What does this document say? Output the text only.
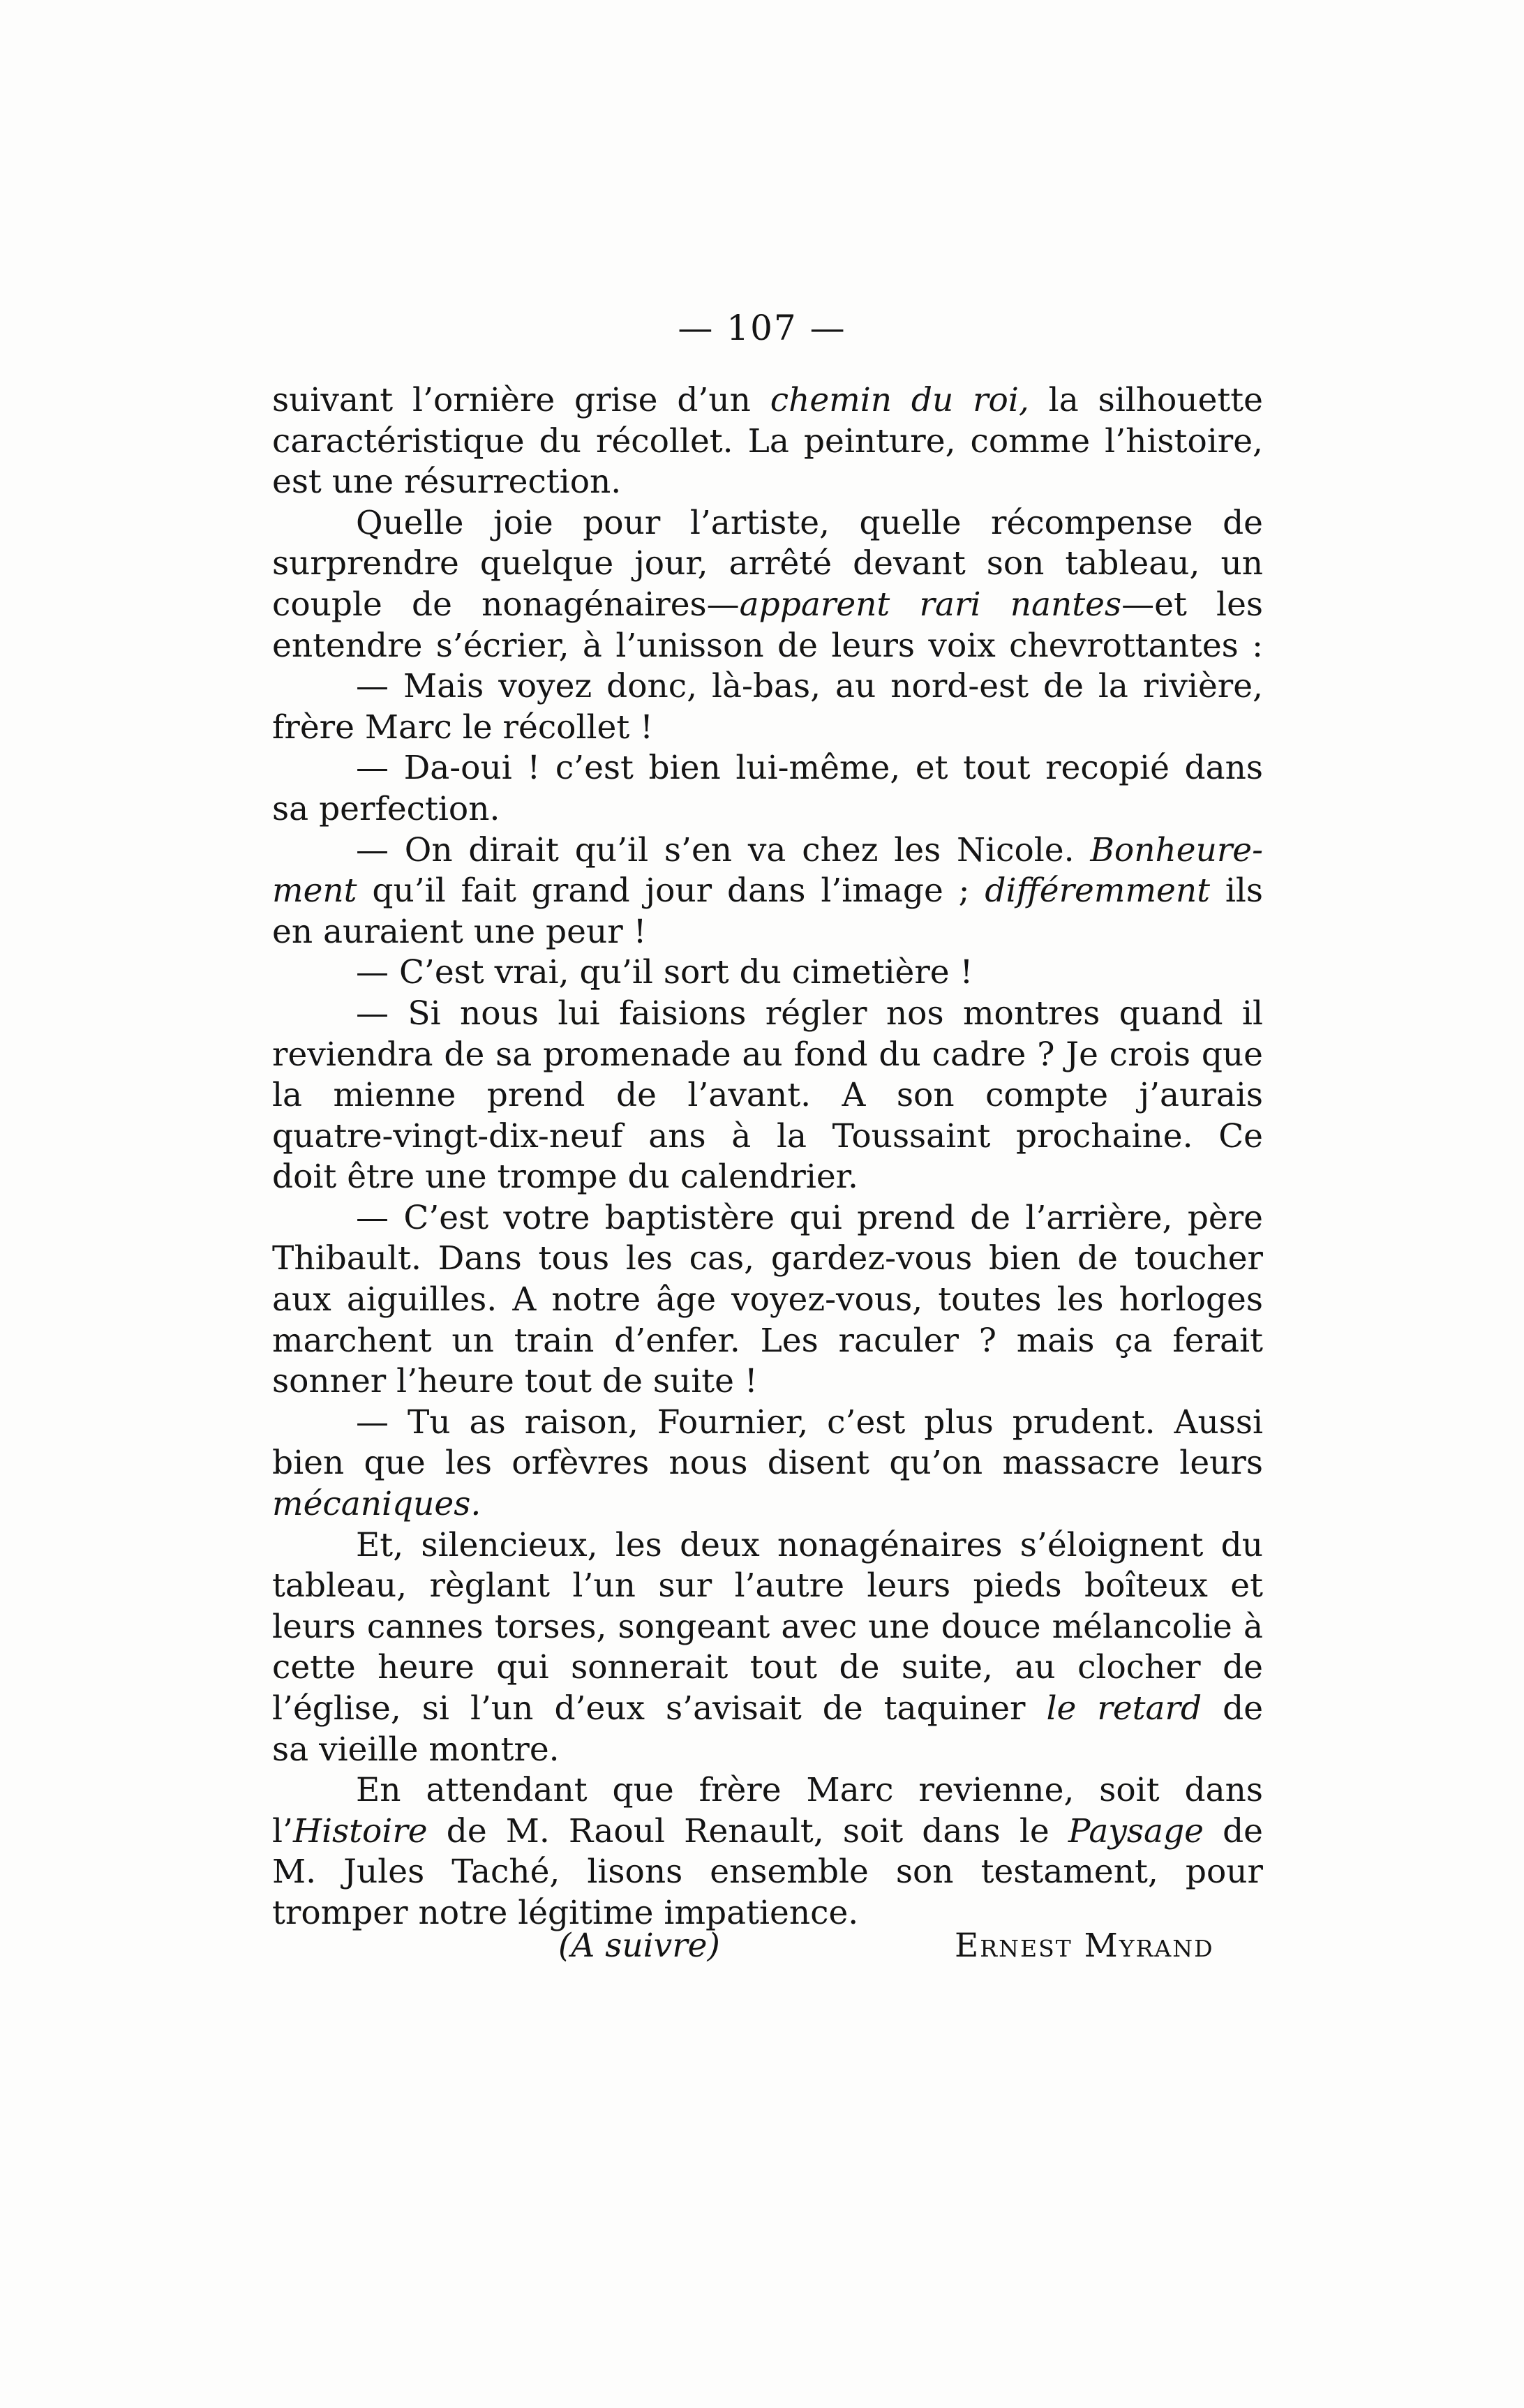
— 107 —
suivant l’ornière grise d’un chemin du roi, la silhouette
caractéristique du récollet. La peinture, comme l’histoire,
est une résurrection.
Quelle joie pour l’artiste, quelle récompense de
surprendre quelque jour, arrêté devant son tableau, un
couple de nonagénaires—apparent rari nantes—et les
entendre s’écrier, à l’unisson de leurs voix chevrottantes :
— Mais voyez donc, là-bas, au nord-est de la rivière,
frère Marc le récollet !
— Da-oui ! c’est bien lui-même, et tout recopié dans
sa perfection.
— On dirait qu’il s’en va chez les Nicole. Bonheure-
ment qu’il fait grand jour dans l’image ; différemment ils
en auraient une peur !
— C’est vrai, qu’il sort du cimetière !
— Si nous lui faisions régler nos montres quand il
reviendra de sa promenade au fond du cadre ? Je crois que
la mienne prend de l’avant. A son compte j’aurais
quatre-vingt-dix-neuf ans à la Toussaint prochaine. Ce
doit être une trompe du calendrier.
— C’est votre baptistère qui prend de l’arrière, père
Thibault. Dans tous les cas, gardez-vous bien de toucher
aux aiguilles. A notre âge voyez-vous, toutes les horloges
marchent un train d’enfer. Les raculer ? mais ça ferait
sonner l’heure tout de suite !
— Tu as raison, Fournier, c’est plus prudent. Aussi
bien que les orfèvres nous disent qu’on massacre leurs
mécaniques.
Et, silencieux, les deux nonagénaires s’éloignent du
tableau, règlant l’un sur l’autre leurs pieds boîteux et
leurs cannes torses, songeant avec une douce mélancolie à
cette heure qui sonnerait tout de suite, au clocher de
l’église, si l’un d’eux s’avisait de taquiner le retard de
sa vieille montre.
En attendant que frère Marc revienne, soit dans
l’Histoire de M. Raoul Renault, soit dans le Paysage de
M. Jules Taché, lisons ensemble son testament, pour
tromper notre légitime impatience.
(A suivre)	Ernest Myrand
